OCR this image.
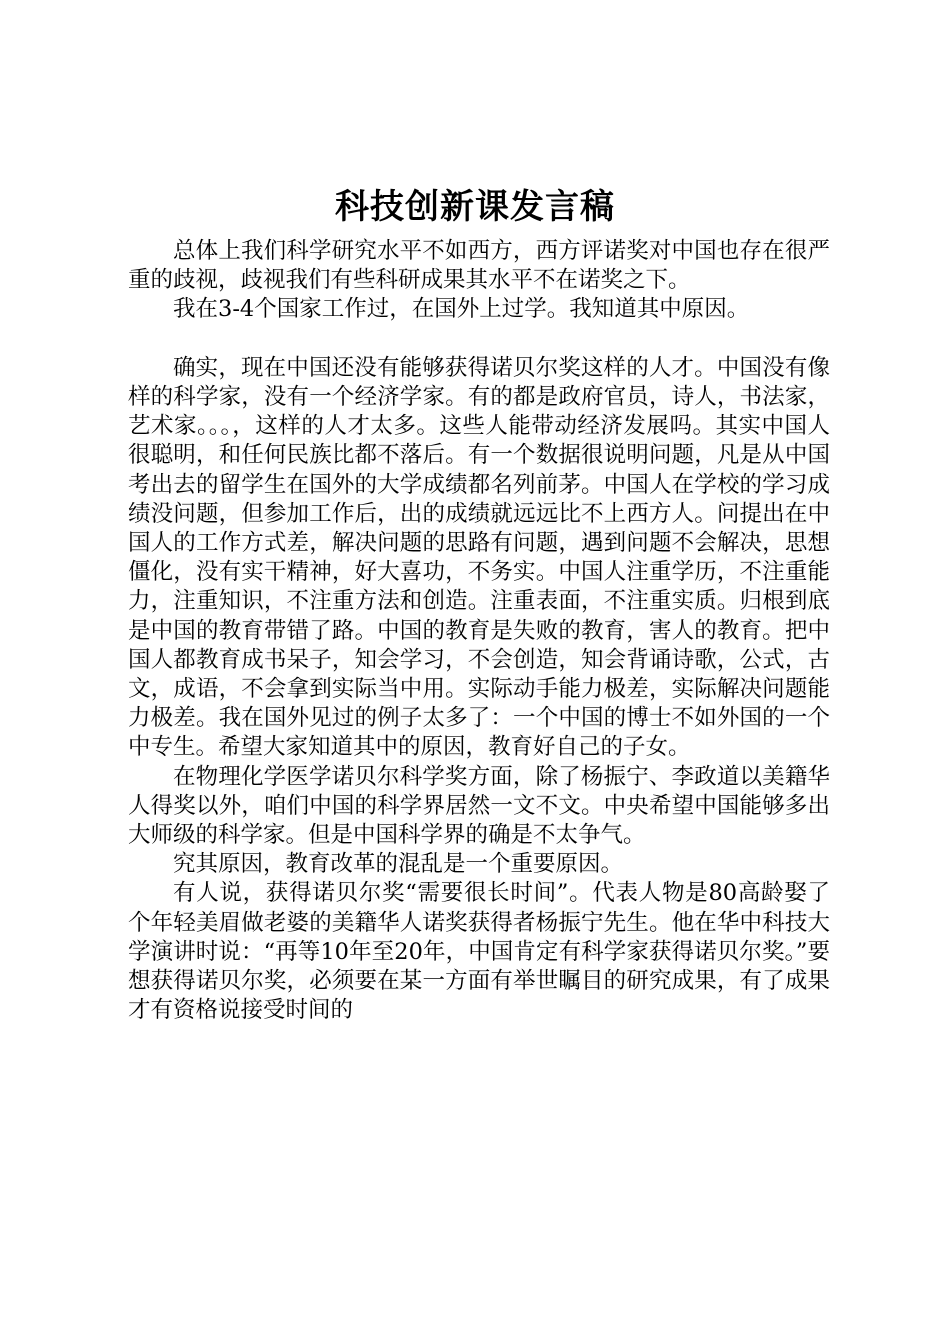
科技创新课发言稿

总体上我们科学研究水平不如西方，西方评诺奖对中国也存在很严重的歧视，歧视我们有些科研成果其水平不在诺奖之下。

我在3-4个国家工作过，在国外上过学。我知道其中原因。

确实，现在中国还没有能够获得诺贝尔奖这样的人才。中国没有像样的科学家，没有一个经济学家。有的都是政府官员，诗人，书法家，艺术家。。。，这样的人才太多。这些人能带动经济发展吗。其实中国人很聪明，和任何民族比都不落后。有一个数据很说明问题，凡是从中国考出去的留学生在国外的大学成绩都名列前茅。中国人在学校的学习成绩没问题，但参加工作后，出的成绩就远远比不上西方人。问提出在中国人的工作方式差，解决问题的思路有问题，遇到问题不会解决，思想僵化，没有实干精神，好大喜功，不务实。中国人注重学历，不注重能力，注重知识，不注重方法和创造。注重表面，不注重实质。归根到底是中国的教育带错了路。中国的教育是失败的教育，害人的教育。把中国人都教育成书呆子，知会学习，不会创造，知会背诵诗歌，公式，古文，成语，不会拿到实际当中用。实际动手能力极差，实际解决问题能力极差。我在国外见过的例子太多了：一个中国的博士不如外国的一个中专生。希望大家知道其中的原因，教育好自己的子女。

在物理化学医学诺贝尔科学奖方面，除了杨振宁、李政道以美籍华人得奖以外，咱们中国的科学界居然一文不文。中央希望中国能够多出大师级的科学家。但是中国科学界的确是不太争气。

究其原因，教育改革的混乱是一个重要原因。

有人说，获得诺贝尔奖“需要很长时间”。代表人物是80高龄娶了个年轻美眉做老婆的美籍华人诺奖获得者杨振宁先生。他在华中科技大学演讲时说：“再等10年至20年，中国肯定有科学家获得诺贝尔奖。”要想获得诺贝尔奖，必须要在某一方面有举世瞩目的研究成果，有了成果才有资格说接受时间的
